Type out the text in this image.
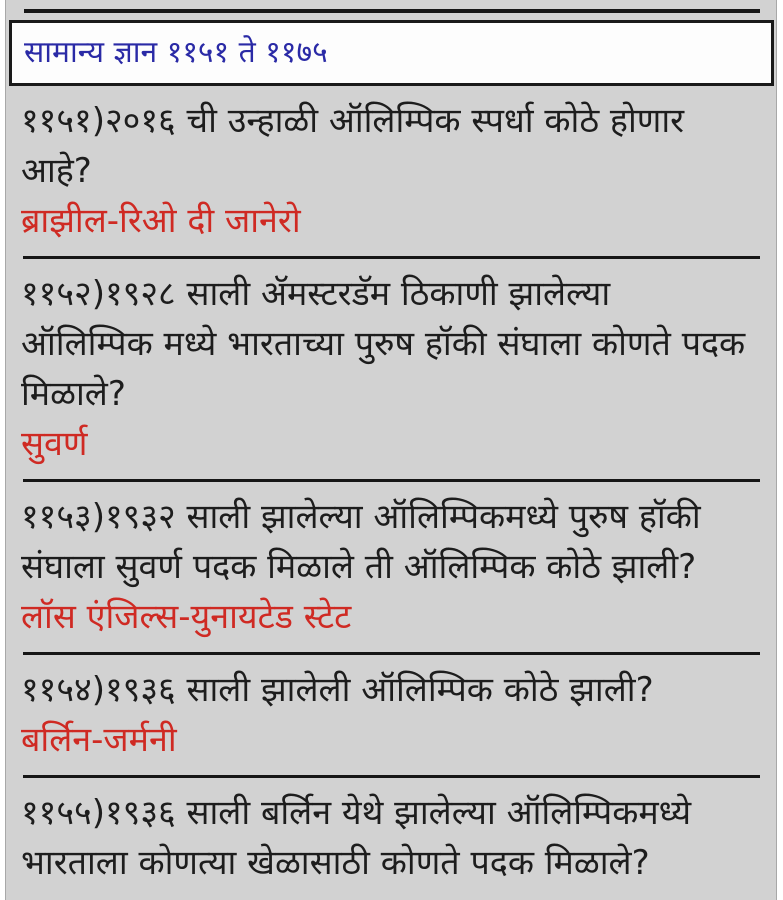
सामान्य ज्ञान ११५१ ते ११७५

११५१)२०१६ ची उन्हाळी ऑलिम्पिक स्पर्धा कोठे होणार आहे?

ब्राझील-रिओ दी जानेरो

११५२)१९२८ साली ॲमस्टरडॅम ठिकाणी झालेल्या ऑलिम्पिक मध्ये भारताच्या पुरुष हॉकी संघाला कोणते पदक मिळाले?

सुवर्ण

११५३)१९३२ साली झालेल्या ऑलिम्पिकमध्ये पुरुष हॉकी संघाला सुवर्ण पदक मिळाले ती ऑलिम्पिक कोठे झाली?

लॉस एंजिल्स-युनायटेड स्टेट

११५४)१९३६ साली झालेली ऑलिम्पिक कोठे झाली?

बर्लिन-जर्मनी

११५५)१९३६ साली बर्लिन येथे झालेल्या ऑलिम्पिकमध्ये भारताला कोणत्या खेळासाठी कोणते पदक मिळाले?
